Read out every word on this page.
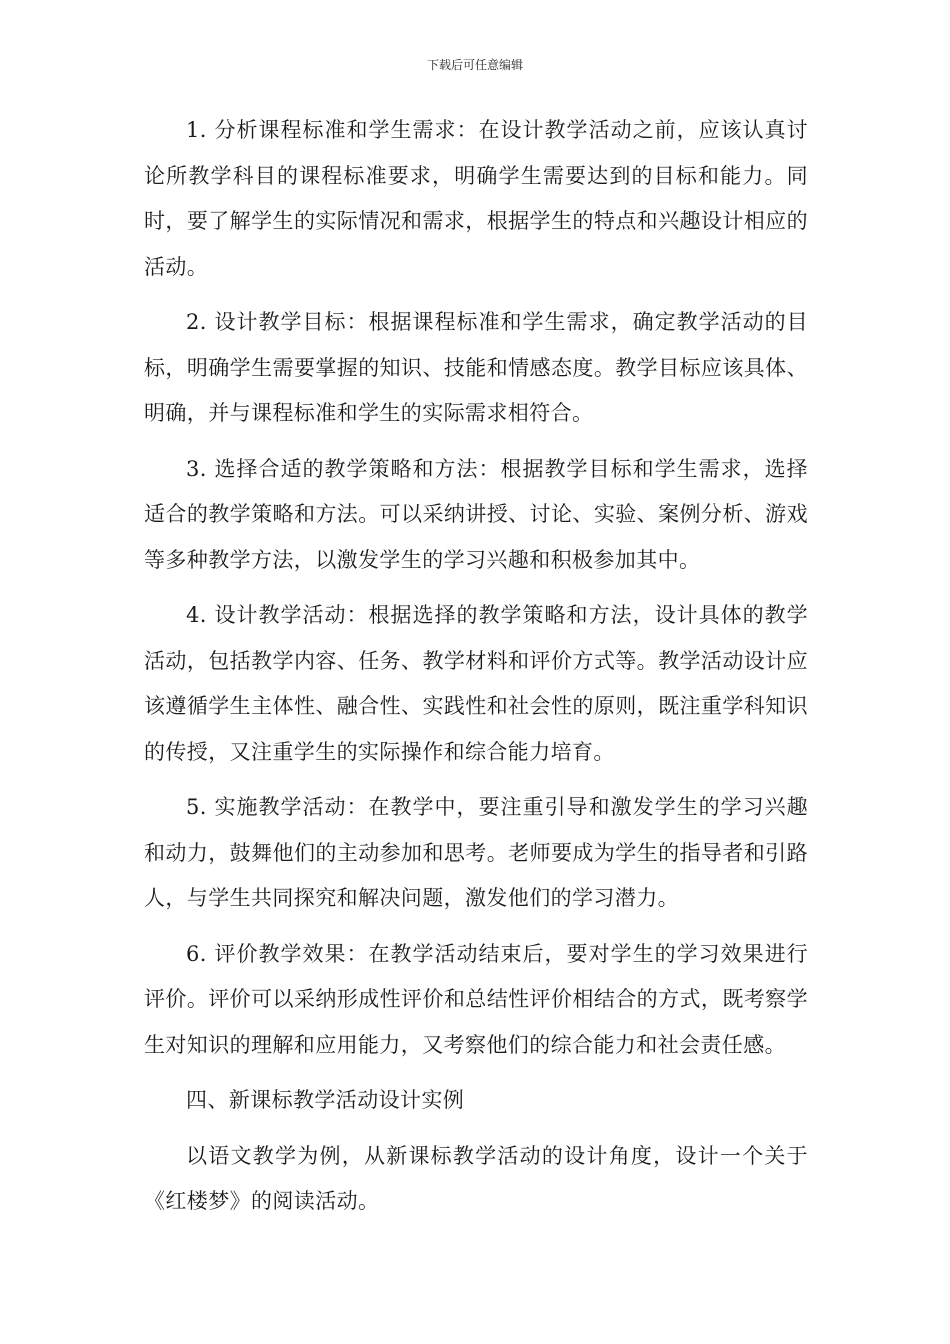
下载后可任意编辑

1. 分析课程标准和学生需求：在设计教学活动之前，应该认真讨论所教学科目的课程标准要求，明确学生需要达到的目标和能力。同时，要了解学生的实际情况和需求，根据学生的特点和兴趣设计相应的活动。

2. 设计教学目标：根据课程标准和学生需求，确定教学活动的目标，明确学生需要掌握的知识、技能和情感态度。教学目标应该具体、明确，并与课程标准和学生的实际需求相符合。

3. 选择合适的教学策略和方法：根据教学目标和学生需求，选择适合的教学策略和方法。可以采纳讲授、讨论、实验、案例分析、游戏等多种教学方法，以激发学生的学习兴趣和积极参加其中。

4. 设计教学活动：根据选择的教学策略和方法，设计具体的教学活动，包括教学内容、任务、教学材料和评价方式等。教学活动设计应该遵循学生主体性、融合性、实践性和社会性的原则，既注重学科知识的传授，又注重学生的实际操作和综合能力培育。

5. 实施教学活动：在教学中，要注重引导和激发学生的学习兴趣和动力，鼓舞他们的主动参加和思考。老师要成为学生的指导者和引路人，与学生共同探究和解决问题，激发他们的学习潜力。

6. 评价教学效果：在教学活动结束后，要对学生的学习效果进行评价。评价可以采纳形成性评价和总结性评价相结合的方式，既考察学生对知识的理解和应用能力，又考察他们的综合能力和社会责任感。

四、新课标教学活动设计实例

以语文教学为例，从新课标教学活动的设计角度，设计一个关于《红楼梦》的阅读活动。
